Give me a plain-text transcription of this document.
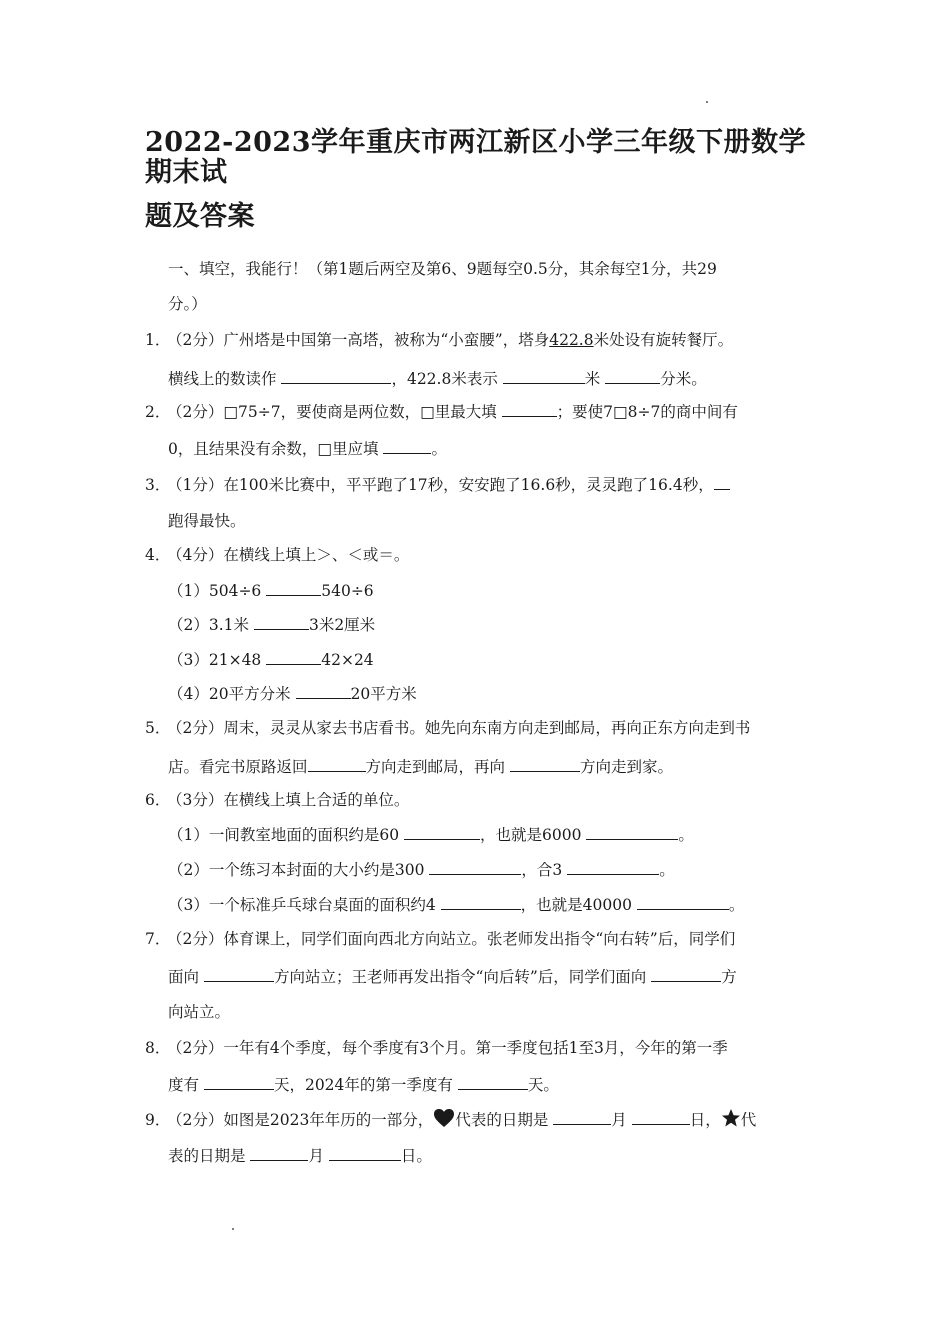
2022-2023学年重庆市两江新区小学三年级下册数学期末试
题及答案
一、填空，我能行！（第1题后两空及第6、9题每空0.5分，其余每空1分，共29
分。）
1．（2分）广州塔是中国第一高塔，被称为“小蛮腰”，塔身422.8米处设有旋转餐厅。
横线上的数读作	，422.8米表示	米	分米。
2．（2分）□75÷7，要使商是两位数，□里最大填	；要使7□8÷7的商中间有
0，且结果没有余数，□里应填	。
3．（1分）在100米比赛中，平平跑了17秒，安安跑了16.6秒，灵灵跑了16.4秒，
跑得最快。
4．（4分）在横线上填上＞、＜或＝。
（1）504÷6	540÷6
（2）3.1米	3米2厘米
（3）21×48	42×24
（4）20平方分米	20平方米
5．（2分）周末，灵灵从家去书店看书。她先向东南方向走到邮局，再向正东方向走到书
店。看完书原路返回	方向走到邮局，再向	方向走到家。
6．（3分）在横线上填上合适的单位。
（1）一间教室地面的面积约是60	，也就是6000	。
（2）一个练习本封面的大小约是300	，合3	。
（3）一个标准乒乓球台桌面的面积约4	，也就是40000	。
7．（2分）体育课上，同学们面向西北方向站立。张老师发出指令“向右转”后，同学们
面向	方向站立；王老师再发出指令“向后转”后，同学们面向	方
向站立。
8．（2分）一年有4个季度，每个季度有3个月。第一季度包括1至3月，今年的第一季
度有	天，2024年的第一季度有	天。
9．（2分）如图是2023年年历的一部分， 代表的日期是	月	日， 代
表的日期是	月	日。
